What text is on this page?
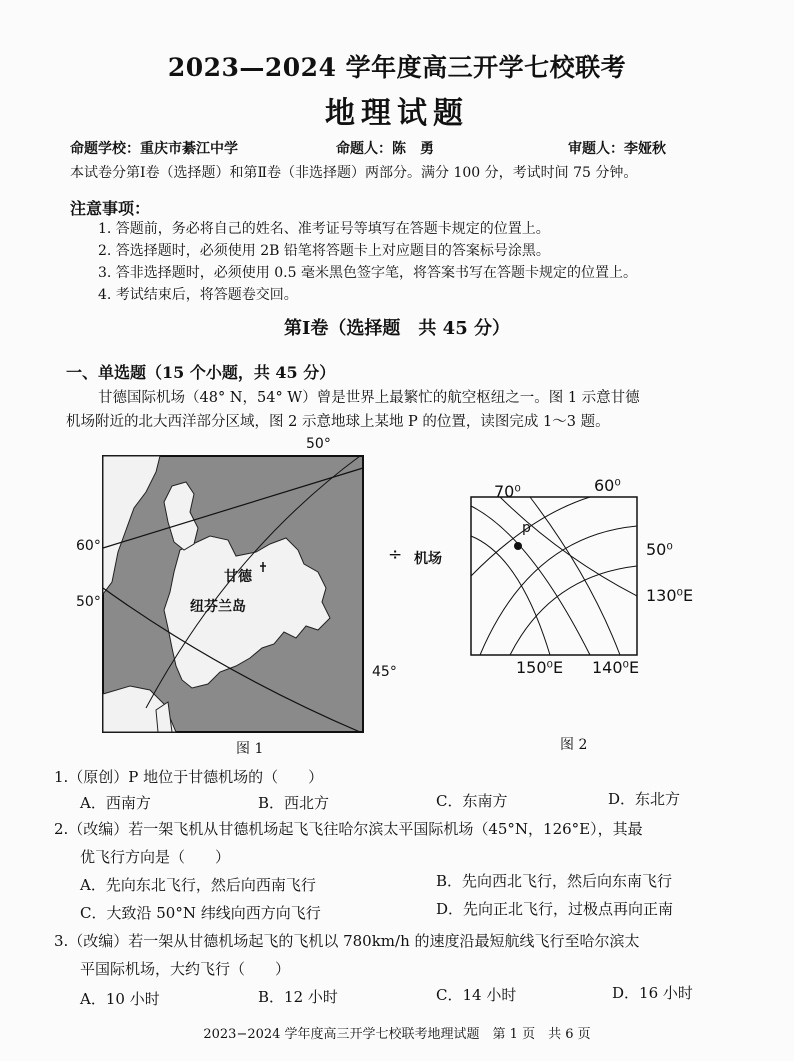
2023—2024 学年度高三开学七校联考
地理试题
命题学校：重庆市綦江中学	命题人：陈　勇	审题人：李娅秋
本试卷分第Ⅰ卷（选择题）和第Ⅱ卷（非选择题）两部分。满分 100 分，考试时间 75 分钟。
注意事项：
1. 答题前，务必将自己的姓名、准考证号等填写在答题卡规定的位置上。
2. 答选择题时，必须使用 2B 铅笔将答题卡上对应题目的答案标号涂黑。
3. 答非选择题时，必须使用 0.5 毫米黑色签字笔，将答案书写在答题卡规定的位置上。
4. 考试结束后，将答题卷交回。
第Ⅰ卷（选择题　共 45 分）
一、单选题（15 个小题，共 45 分）
甘德国际机场（48° N，54° W）曾是世界上最繁忙的航空枢纽之一。图 1 示意甘德
机场附近的北大西洋部分区域，图 2 示意地球上某地 P 的位置，读图完成 1～3 题。
50°
60°
50°
45°
甘德
纽芬兰岛
÷ 机场
图 1
70⁰	60⁰
50⁰
130⁰E
150⁰E 140⁰E
p
图 2
1.（原创）P 地位于甘德机场的（　　）
A．西南方	B．西北方	C．东南方	D．东北方
2.（改编）若一架飞机从甘德机场起飞飞往哈尔滨太平国际机场（45°N，126°E），其最
优飞行方向是（　　）
A．先向东北飞行，然后向西南飞行	B．先向西北飞行，然后向东南飞行
C．大致沿 50°N 纬线向西方向飞行	D．先向正北飞行，过极点再向正南
3.（改编）若一架从甘德机场起飞的飞机以 780km/h 的速度沿最短航线飞行至哈尔滨太
平国际机场，大约飞行（　　）
A．10 小时	B．12 小时	C．14 小时	D．16 小时
2023−2024 学年度高三开学七校联考地理试题　第 1 页　共 6 页
